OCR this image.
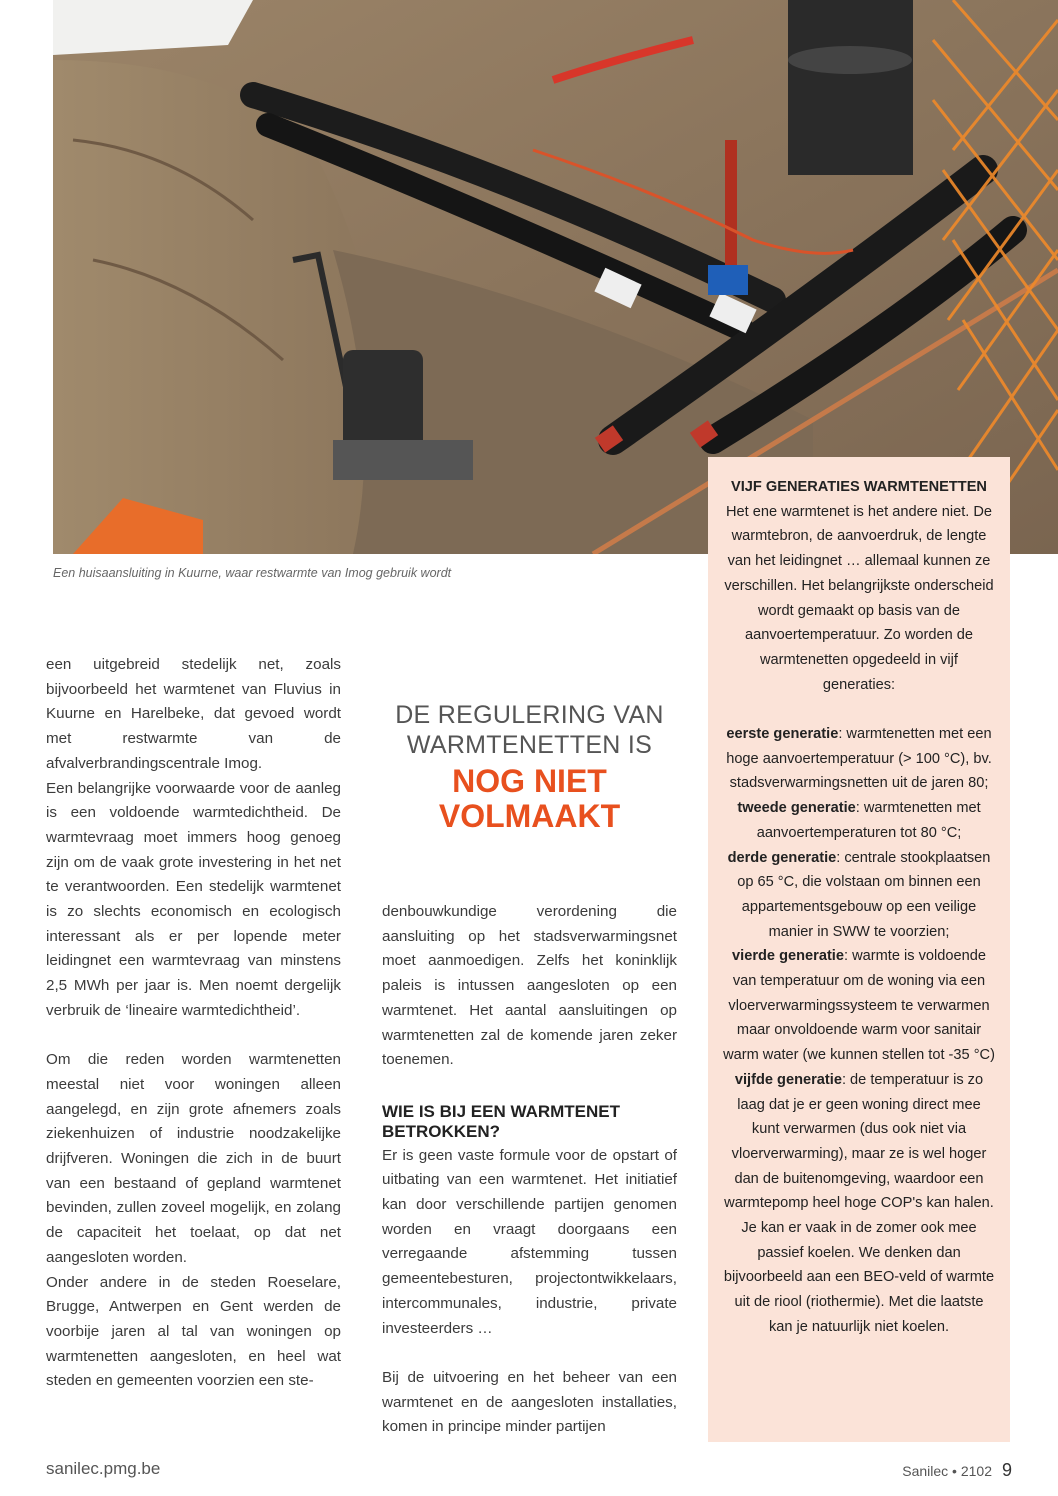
Een huisaansluiting in Kuurne, waar restwarmte van Imog gebruik wordt

een uitgebreid stedelijk net, zoals bijvoorbeeld het warmtenet van Fluvius in Kuurne en Harelbeke, dat gevoed wordt met restwarmte van de afvalverbrandingscentrale Imog.

Een belangrijke voorwaarde voor de aanleg is een voldoende warmtedichtheid. De warmtevraag moet immers hoog genoeg zijn om de vaak grote investering in het net te verantwoorden. Een stedelijk warmtenet is zo slechts economisch en ecologisch interessant als er per lopende meter leidingnet een warmtevraag van minstens 2,5 MWh per jaar is. Men noemt dergelijk verbruik de ‘lineaire warmtedichtheid’.

Om die reden worden warmtenetten meestal niet voor woningen alleen aangelegd, en zijn grote afnemers zoals ziekenhuizen of industrie noodzakelijke drijfveren. Woningen die zich in de buurt van een bestaand of gepland warmtenet bevinden, zullen zoveel mogelijk, en zolang de capaciteit het toelaat, op dat net aangesloten worden.

Onder andere in de steden Roeselare, Brugge, Antwerpen en Gent werden de voorbije jaren al tal van woningen op warmtenetten aangesloten, en heel wat steden en gemeenten voorzien een ste-

DE REGULERING VAN WARMTENETTEN IS
NOG NIET VOLMAAKT

denbouwkundige verordening die aansluiting op het stadsverwarmingsnet moet aanmoedigen. Zelfs het koninklijk paleis is intussen aangesloten op een warmtenet. Het aantal aansluitingen op warmtenetten zal de komende jaren zeker toenemen.

WIE IS BIJ EEN WARMTENET BETROKKEN?

Er is geen vaste formule voor de opstart of uitbating van een warmtenet. Het initiatief kan door verschillende partijen genomen worden en vraagt doorgaans een verregaande afstemming tussen gemeentebesturen, projectontwikkelaars, intercommunales, industrie, private investeerders …

Bij de uitvoering en het beheer van een warmtenet en de aangesloten installaties, komen in principe minder partijen

VIJF GENERATIES WARMTENETTEN

Het ene warmtenet is het andere niet. De warmtebron, de aanvoerdruk, de lengte van het leidingnet … allemaal kunnen ze verschillen. Het belangrijkste onderscheid wordt gemaakt op basis van de aanvoertemperatuur. Zo worden de warmtenetten opgedeeld in vijf generaties:

eerste generatie: warmtenetten met een hoge aanvoertemperatuur (> 100 °C), bv. stadsverwarmingsnetten uit de jaren 80;

tweede generatie: warmtenetten met aanvoertemperaturen tot 80 °C;

derde generatie: centrale stookplaatsen op 65 °C, die volstaan om binnen een appartementsgebouw op een veilige manier in SWW te voorzien;

vierde generatie: warmte is voldoende van temperatuur om de woning via een vloerverwarmingssysteem te verwarmen maar onvoldoende warm voor sanitair warm water (we kunnen stellen tot -35 °C)

vijfde generatie: de temperatuur is zo laag dat je er geen woning direct mee kunt verwarmen (dus ook niet via vloerverwarming), maar ze is wel hoger dan de buitenomgeving, waardoor een warmtepomp heel hoge COP's kan halen. Je kan er vaak in de zomer ook mee passief koelen. We denken dan bijvoorbeeld aan een BEO-veld of warmte uit de riool (riothermie). Met die laatste kan je natuurlijk niet koelen.

sanilec.pmg.be	Sanilec • 2102 9
